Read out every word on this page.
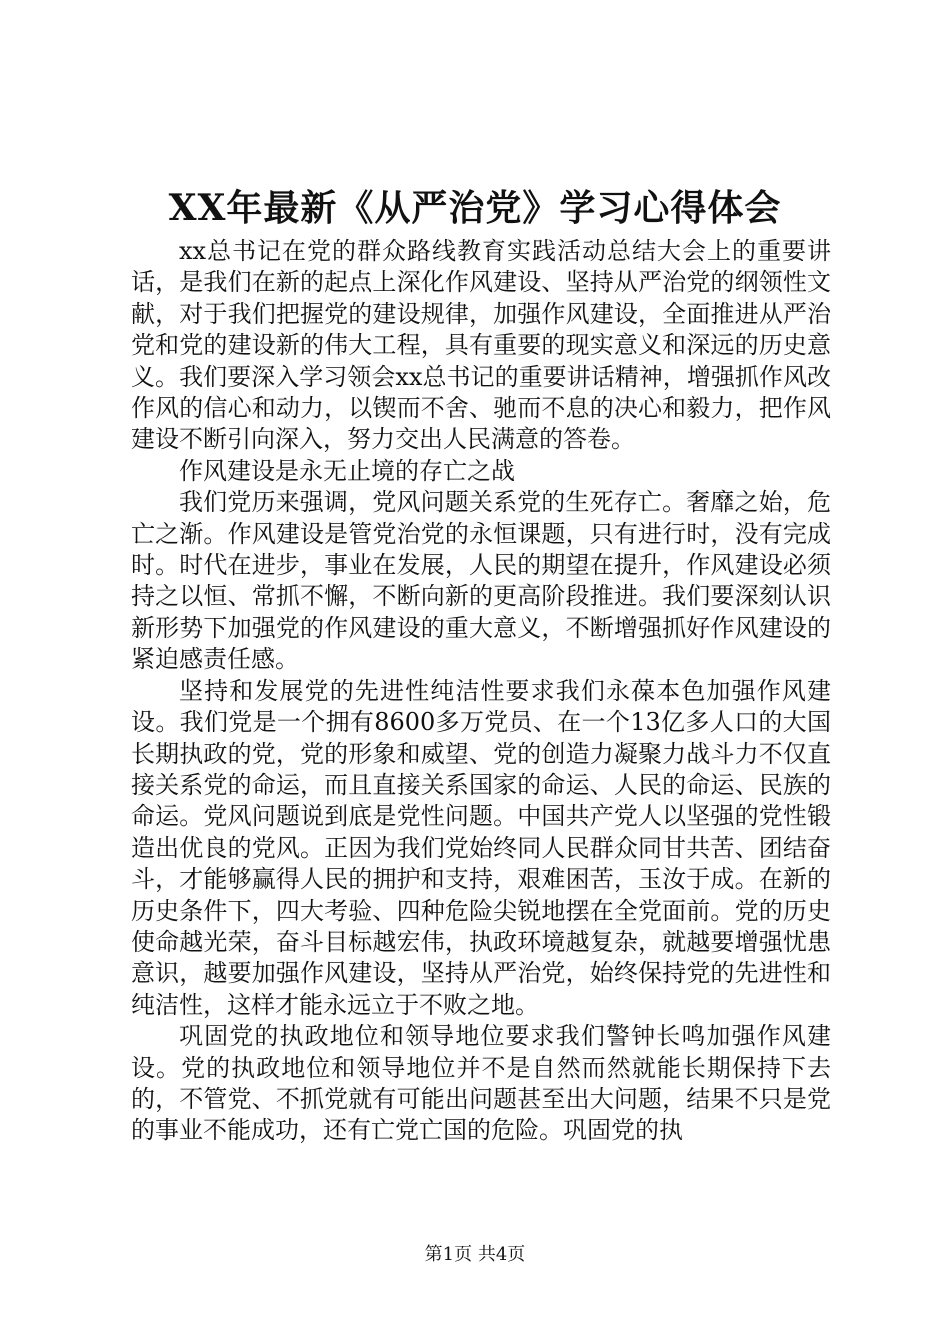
XX年最新《从严治党》学习心得体会

xx总书记在党的群众路线教育实践活动总结大会上的重要讲话，是我们在新的起点上深化作风建设、坚持从严治党的纲领性文献，对于我们把握党的建设规律，加强作风建设，全面推进从严治党和党的建设新的伟大工程，具有重要的现实意义和深远的历史意义。我们要深入学习领会xx总书记的重要讲话精神，增强抓作风改作风的信心和动力，以锲而不舍、驰而不息的决心和毅力，把作风建设不断引向深入，努力交出人民满意的答卷。

作风建设是永无止境的存亡之战

我们党历来强调，党风问题关系党的生死存亡。奢靡之始，危亡之渐。作风建设是管党治党的永恒课题，只有进行时，没有完成时。时代在进步，事业在发展，人民的期望在提升，作风建设必须持之以恒、常抓不懈，不断向新的更高阶段推进。我们要深刻认识新形势下加强党的作风建设的重大意义，不断增强抓好作风建设的紧迫感责任感。

坚持和发展党的先进性纯洁性要求我们永葆本色加强作风建设。我们党是一个拥有8600多万党员、在一个13亿多人口的大国长期执政的党，党的形象和威望、党的创造力凝聚力战斗力不仅直接关系党的命运，而且直接关系国家的命运、人民的命运、民族的命运。党风问题说到底是党性问题。中国共产党人以坚强的党性锻造出优良的党风。正因为我们党始终同人民群众同甘共苦、团结奋斗，才能够赢得人民的拥护和支持，艰难困苦，玉汝于成。在新的历史条件下，四大考验、四种危险尖锐地摆在全党面前。党的历史使命越光荣，奋斗目标越宏伟，执政环境越复杂，就越要增强忧患意识，越要加强作风建设，坚持从严治党，始终保持党的先进性和纯洁性，这样才能永远立于不败之地。

巩固党的执政地位和领导地位要求我们警钟长鸣加强作风建设。党的执政地位和领导地位并不是自然而然就能长期保持下去的，不管党、不抓党就有可能出问题甚至出大问题，结果不只是党的事业不能成功，还有亡党亡国的危险。巩固党的执

第1页 共4页
